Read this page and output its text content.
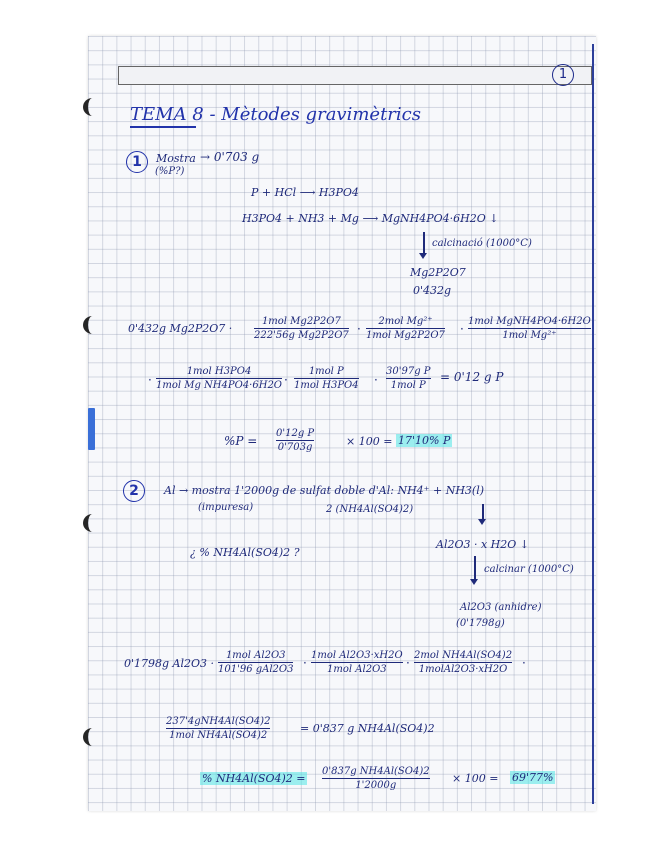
1
TEMA 8 - Mètodes gravimètrics
1	Mostra → 0'703 g
(%P?)
P + HCl ⟶ H3PO4
H3PO4 + NH3 + Mg ⟶ MgNH4PO4·6H2O ↓
calcinació (1000°C)
Mg2P2O7
0'432g
0'432g Mg2P2O7 ·
1mol Mg2P2O7
222'56g Mg2P2O7 ·
2mol Mg²⁺
1mol Mg2P2O7 ·
1mol MgNH4PO4·6H2O
1mol Mg²⁺
·
1mol H3PO4
1mol Mg NH4PO4·6H2O ·
1mol P
1mol H3PO4 ·
30'97g P
1mol P
= 0'12 g P
$\%P = \frac{\text{0'12g P}}{0'703g}$	× 100 = 17'10% P
2	Al → mostra 1'2000g de sulfat doble d'Al: NH4⁺ + NH3(l)
(impuresa)	2 (NH4Al(SO4)2)
¿ % NH4Al(SO4)2 ?
Al2O3 · x H2O ↓
calcinar (1000°C)
Al2O3 (anhidre)
(0'1798g)
0'1798g Al2O3 ·
1mol Al2O3
101'96 gAl2O3 ·
1mol Al2O3·xH2O
1mol Al2O3	·
2mol NH4Al(SO4)2
1molAl2O3·xH2O	·
237'4gNH4Al(SO4)2
1mol NH4Al(SO4)2
= 0'837 g NH4Al(SO4)2
% $NH4Al(SO4)2 = \frac{\text{0'837g NH4Al(SO4)2}}{1'2000g} \times 100 = 69'77\%$
